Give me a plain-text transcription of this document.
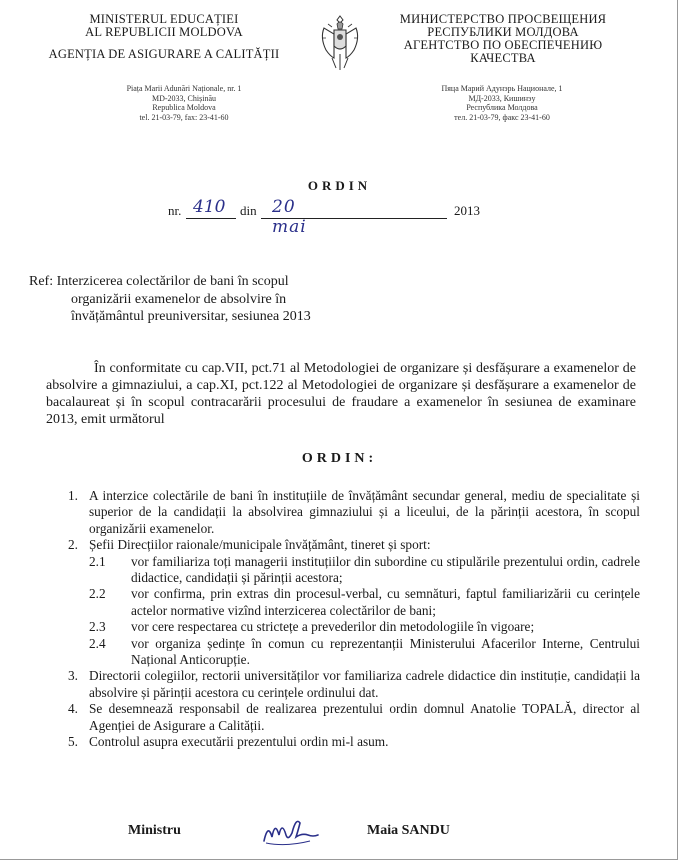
MINISTERUL EDUCAȚIEI
AL REPUBLICII MOLDOVA
AGENȚIA DE ASIGURARE A CALITĂȚII
Piața Marii Adunări Naționale, nr. 1
MD-2033, Chișinău
Republica Moldova
tel. 21-03-79, fax: 23-41-60
МИНИСТЕРСТВО ПРОСВЕЩЕНИЯ
РЕСПУБЛИКИ МОЛДОВА
АГЕНТСТВО ПО ОБЕСПЕЧЕНИЮ
КАЧЕСТВА
Пяца Марий Адунэрь Нациoнале, 1
МД-2033, Кишинэу
Республика Молдова
тел. 21-03-79, факс 23-41-60
ORDIN
nr. 410 din 20 mai
2013
Ref: Interzicerea colectărilor de bani în scopul
organizării examenelor de absolvire în
învățământul preuniversitar, sesiunea 2013
În conformitate cu cap.VII, pct.71 al Metodologiei de organizare și desfășurare a examenelor de absolvire a gimnaziului, a cap.XI, pct.122 al Metodologiei de organizare și desfășurare a examenelor de bacalaureat și în scopul contracarării procesului de fraudare a examenelor în sesiunea de examinare 2013, emit următorul
ORDIN:
1. A interzice colectările de bani în instituțiile de învățământ secundar general, mediu de specialitate și superior de la candidații la absolvirea gimnaziului și a liceului, de la părinții acestora, în scopul organizării examenelor.
2. Șefii Direcțiilor raionale/municipale învățământ, tineret și sport:
2.1 vor familiariza toți managerii instituțiilor din subordine cu stipulările prezentului ordin, cadrele didactice, candidații și părinții acestora;
2.2 vor confirma, prin extras din procesul-verbal, cu semnături, faptul familiarizării cu cerințele actelor normative vizînd interzicerea colectărilor de bani;
2.3 vor cere respectarea cu strictețe a prevederilor din metodologiile în vigoare;
2.4 vor organiza ședințe în comun cu reprezentanții Ministerului Afacerilor Interne, Centrului Național Anticorupție.
3. Directorii colegiilor, rectorii universităților vor familiariza cadrele didactice din instituție, candidații la absolvire și părinții acestora cu cerințele ordinului dat.
4. Se desemnează responsabil de realizarea prezentului ordin domnul Anatolie TOPALĂ, director al Agenției de Asigurare a Calității.
5. Controlul asupra executării prezentului ordin mi-l asum.
Ministru	Maia SANDU
